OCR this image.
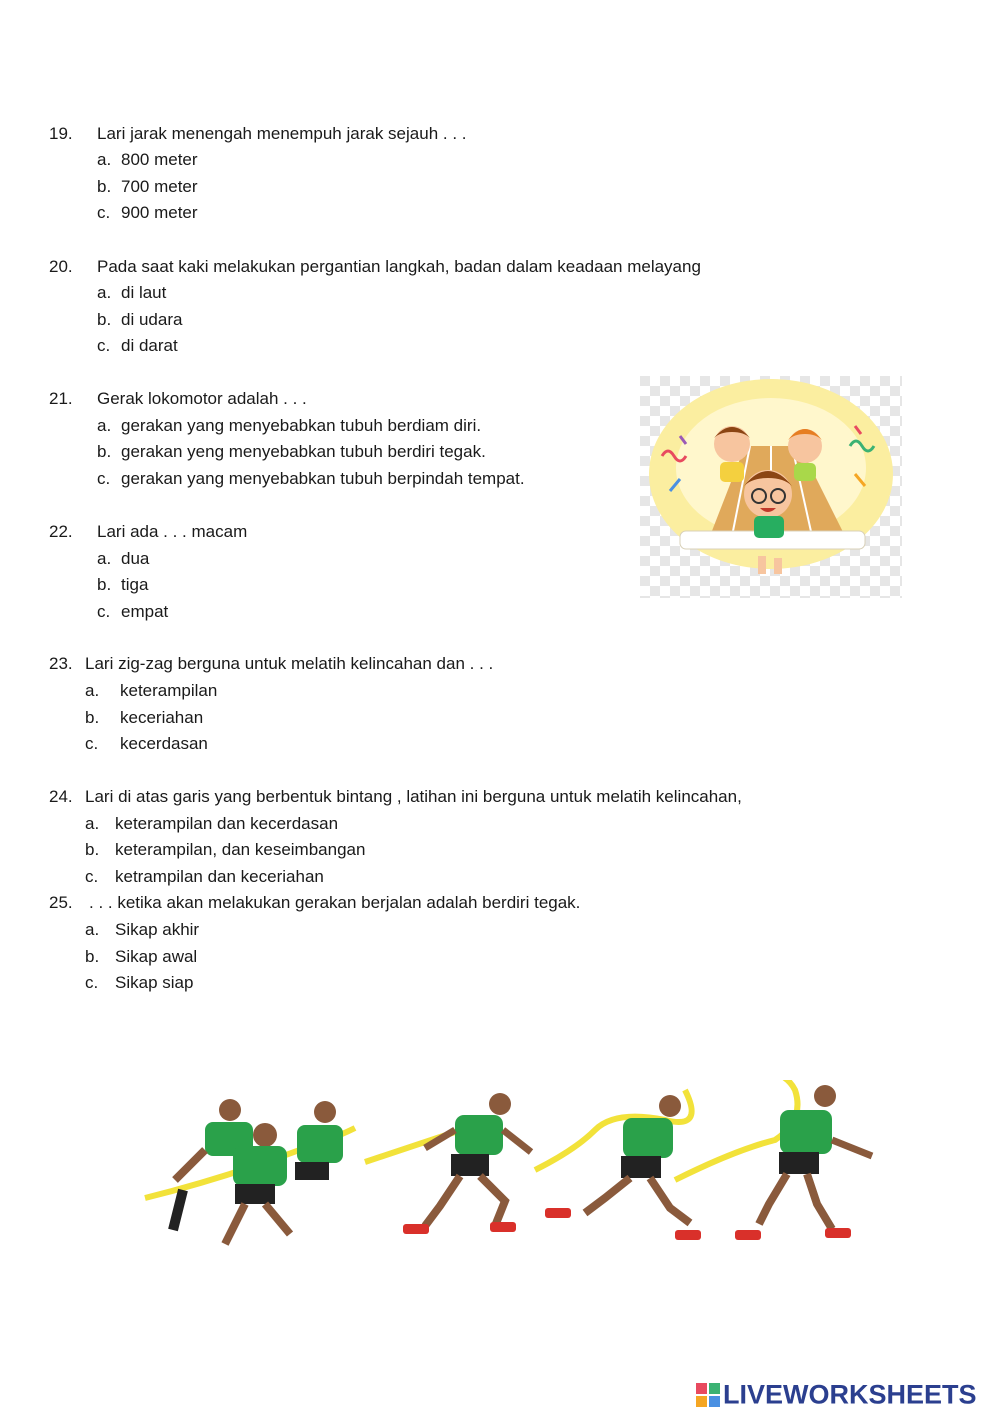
19. Lari jarak menengah menempuh jarak sejauh . . .
a. 800 meter
b. 700 meter
c. 900 meter
20. Pada saat kaki melakukan pergantian langkah, badan dalam keadaan melayang
a. di laut
b. di udara
c. di darat
21. Gerak lokomotor adalah . . .
a. gerakan yang menyebabkan tubuh berdiam diri.
b. gerakan yeng menyebabkan tubuh berdiri tegak.
c. gerakan yang menyebabkan tubuh berpindah tempat.
22. Lari ada . . . macam
a. dua
b. tiga
c. empat
23. Lari zig-zag berguna untuk melatih kelincahan dan . . .
a. keterampilan
b. keceriahan
c. kecerdasan
24. Lari di atas garis yang berbentuk bintang , latihan ini berguna untuk melatih kelincahan,
a. keterampilan dan kecerdasan
b. keterampilan, dan keseimbangan
c. ketrampilan dan keceriahan
25. . . . ketika akan melakukan gerakan berjalan adalah berdiri tegak.
a. Sikap akhir
b. Sikap awal
c. Sikap siap
LIVEWORKSHEETS
